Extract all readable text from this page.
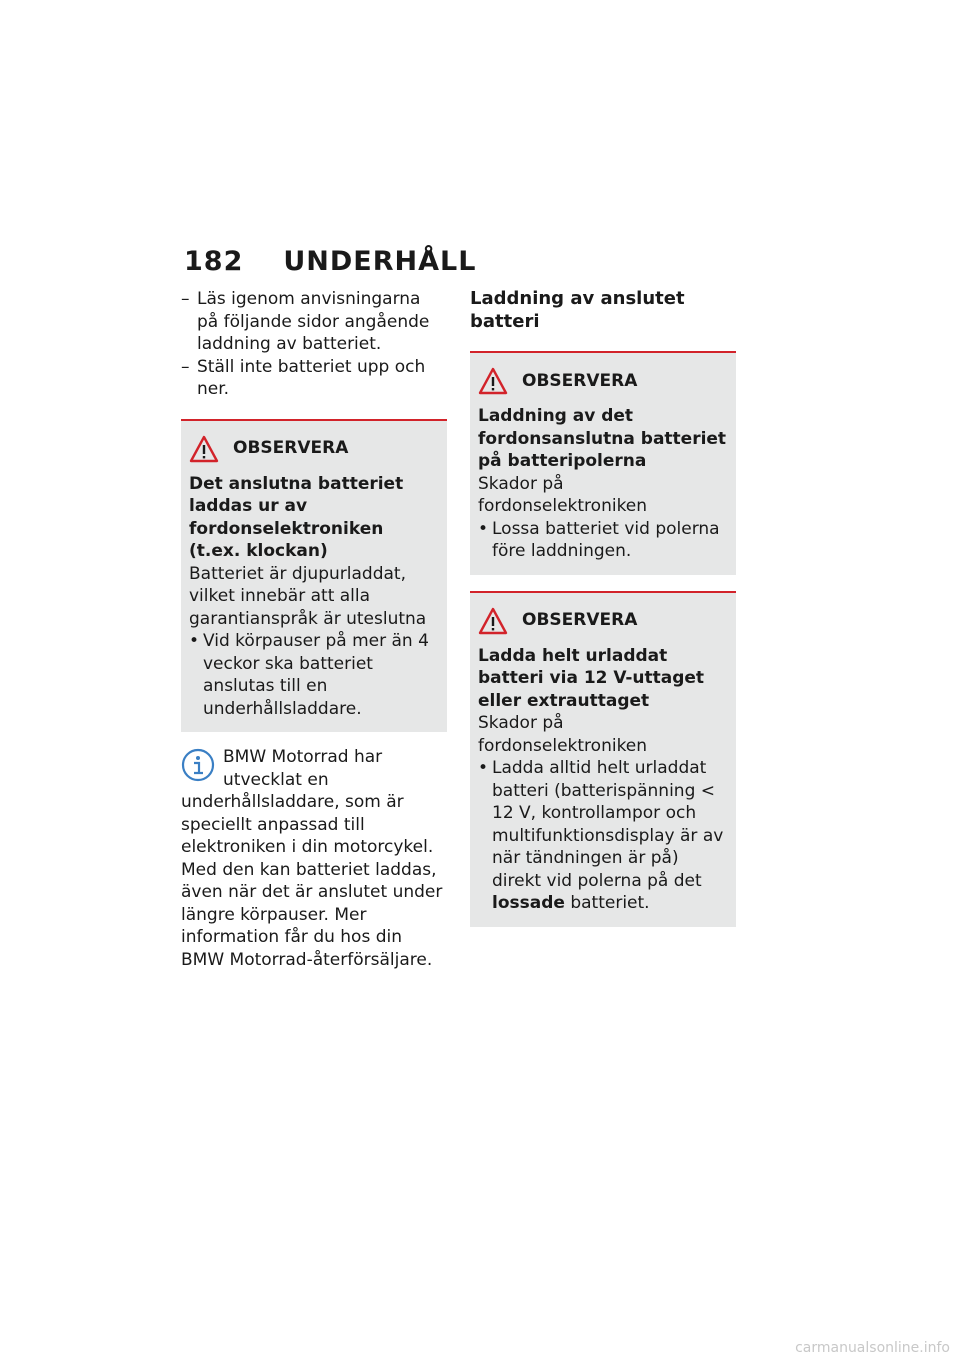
182 UNDERHÅLL
– Läs igenom anvisningarna på följande sidor angående laddning av batteriet.
– Ställ inte batteriet upp och ner.
OBSERVERA
Det anslutna batteriet laddas ur av fordonselektroniken (t.ex. klockan)
Batteriet är djupurladdat, vilket innebär att alla garantianspråk är uteslutna
• Vid körpauser på mer än 4 veckor ska batteriet anslutas till en underhållsladdare.
BMW Motorrad har utvecklat en underhållsladdare, som är speciellt anpassad till elektroniken i din motorcykel. Med den kan batteriet laddas, även när det är anslutet under längre körpauser. Mer information får du hos din BMW Motorrad-återförsäljare.
Laddning av anslutet batteri
OBSERVERA
Laddning av det fordonsanslutna batteriet på batteripolerna
Skador på fordonselektroniken
• Lossa batteriet vid polerna före laddningen.
OBSERVERA
Ladda helt urladdat batteri via 12 V-uttaget eller extrauttaget
Skador på fordonselektroniken
• Ladda alltid helt urladdat batteri (batterispänning < 12 V, kontrollampor och multifunktionsdisplay är av när tändningen är på) direkt vid polerna på det lossade batteriet.
carmanualsonline.info
